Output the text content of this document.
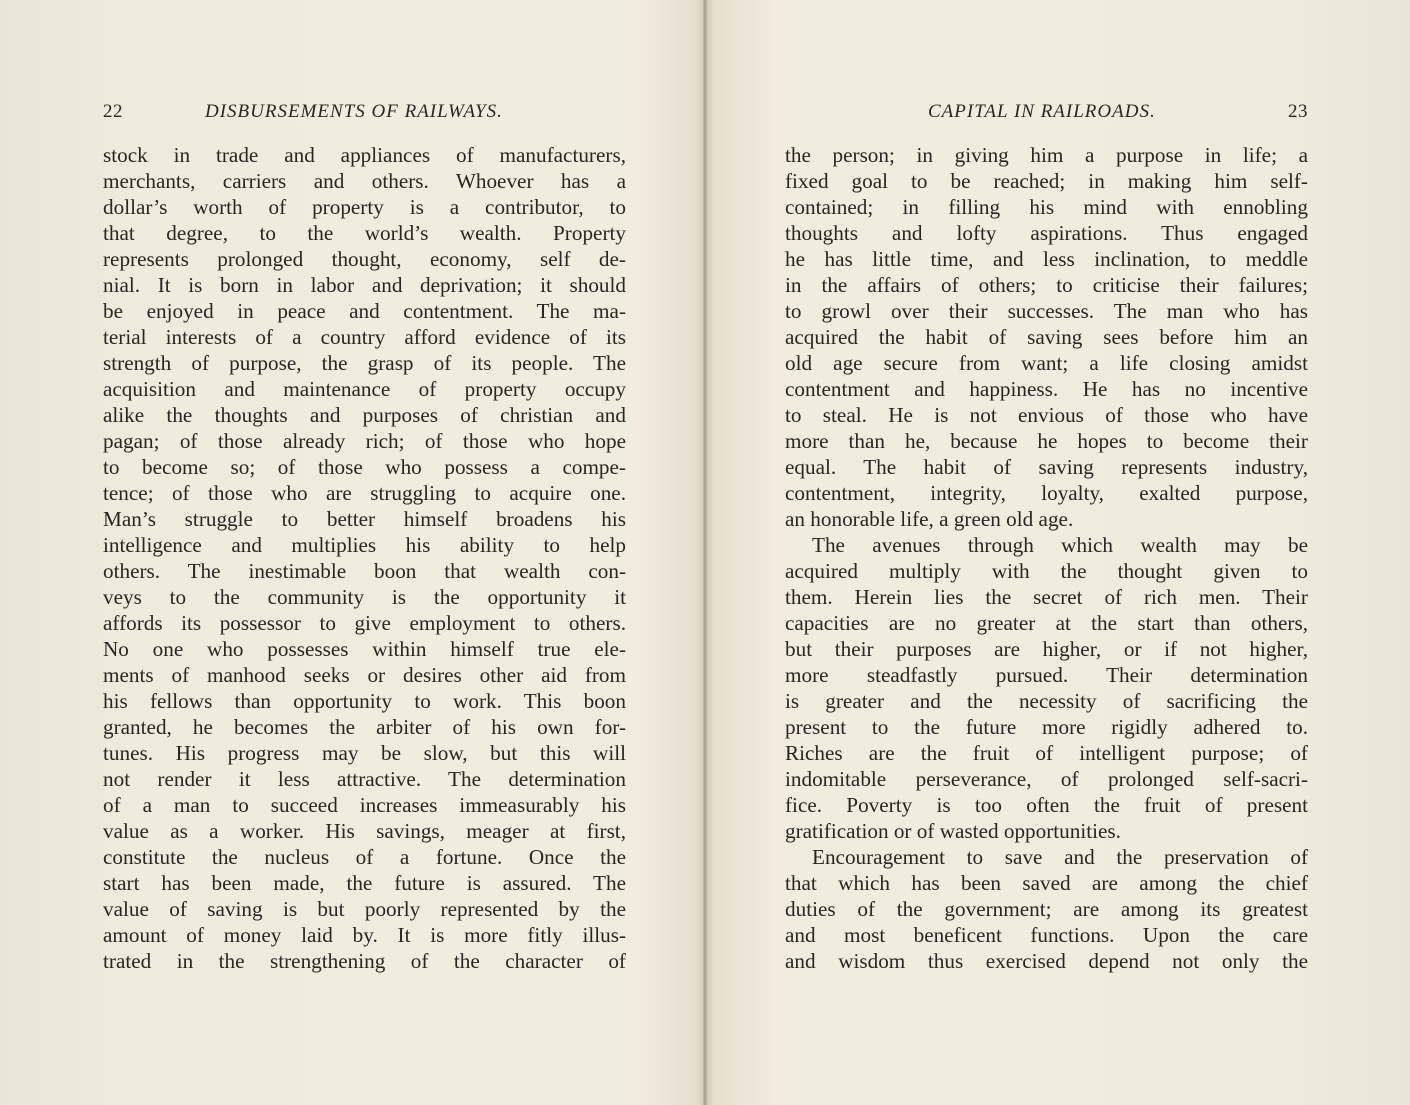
22	DISBURSEMENTS OF RAILWAYS.
stock in trade and appliances of manufacturers,
merchants, carriers and others. Whoever has a
dollar’s worth of property is a contributor, to
that degree, to the world’s wealth. Property
represents prolonged thought, economy, self de-
nial. It is born in labor and deprivation; it should
be enjoyed in peace and contentment. The ma-
terial interests of a country afford evidence of its
strength of purpose, the grasp of its people. The
acquisition and maintenance of property occupy
alike the thoughts and purposes of christian and
pagan; of those already rich; of those who hope
to become so; of those who possess a compe-
tence; of those who are struggling to acquire one.
Man’s struggle to better himself broadens his
intelligence and multiplies his ability to help
others. The inestimable boon that wealth con-
veys to the community is the opportunity it
affords its possessor to give employment to others.
No one who possesses within himself true ele-
ments of manhood seeks or desires other aid from
his fellows than opportunity to work. This boon
granted, he becomes the arbiter of his own for-
tunes. His progress may be slow, but this will
not render it less attractive. The determination
of a man to succeed increases immeasurably his
value as a worker. His savings, meager at first,
constitute the nucleus of a fortune. Once the
start has been made, the future is assured. The
value of saving is but poorly represented by the
amount of money laid by. It is more fitly illus-
trated in the strengthening of the character of
CAPITAL IN RAILROADS.	23
the person; in giving him a purpose in life; a
fixed goal to be reached; in making him self-
contained; in filling his mind with ennobling
thoughts and lofty aspirations. Thus engaged
he has little time, and less inclination, to meddle
in the affairs of others; to criticise their failures;
to growl over their successes. The man who has
acquired the habit of saving sees before him an
old age secure from want; a life closing amidst
contentment and happiness. He has no incentive
to steal. He is not envious of those who have
more than he, because he hopes to become their
equal. The habit of saving represents industry,
contentment, integrity, loyalty, exalted purpose,
an honorable life, a green old age.
The avenues through which wealth may be
acquired multiply with the thought given to
them. Herein lies the secret of rich men. Their
capacities are no greater at the start than others,
but their purposes are higher, or if not higher,
more steadfastly pursued. Their determination
is greater and the necessity of sacrificing the
present to the future more rigidly adhered to.
Riches are the fruit of intelligent purpose; of
indomitable perseverance, of prolonged self-sacri-
fice. Poverty is too often the fruit of present
gratification or of wasted opportunities.
Encouragement to save and the preservation of
that which has been saved are among the chief
duties of the government; are among its greatest
and most beneficent functions. Upon the care
and wisdom thus exercised depend not only the
